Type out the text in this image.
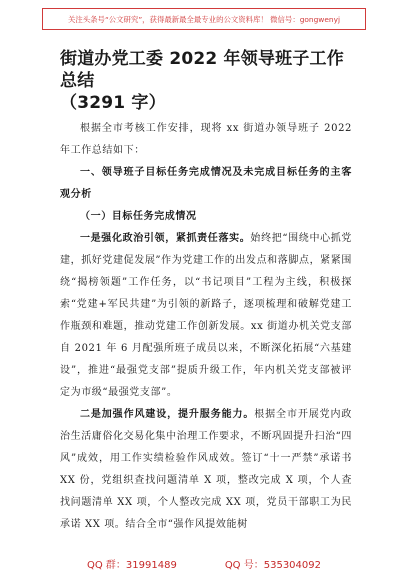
关注头条号“公文研究”，获得最新最全最专业的公文资料库！ 微信号：gongwenyj
街道办党工委 2022 年领导班子工作总结
（3291 字）

根据全市考核工作安排，现将 xx 街道办领导班子 2022 年工作总结如下：

一、领导班子目标任务完成情况及未完成目标任务的主客观分析

（一）目标任务完成情况

一是强化政治引领，紧抓责任落实。始终把“围绕中心抓党建，抓好党建促发展”作为党建工作的出发点和落脚点，紧紧围绕“揭榜领题”工作任务，以“书记项目”工程为主线，积极探索“党建+军民共建”为引领的新路子，逐项梳理和破解党建工作瓶颈和难题，推动党建工作创新发展。xx 街道办机关党支部自 2021 年 6 月配强所班子成员以来，不断深化拓展“六基建设”，推进“最强党支部”提质升级工作，年内机关党支部被评定为市级“最强党支部”。

二是加强作风建设，提升服务能力。根据全市开展党内政治生活庸俗化交易化集中治理工作要求，不断巩固提升扫治“四风”成效，用工作实绩检验作风成效。签订“十一严禁”承诺书 XX 份，党组织查找问题清单 X 项，整改完成 X 项，个人查找问题清单 XX 项，个人整改完成 XX 项，党员干部职工为民承诺 XX 项。结合全市“强作风提效能树

QQ 群：31991489	QQ 号：535304092
